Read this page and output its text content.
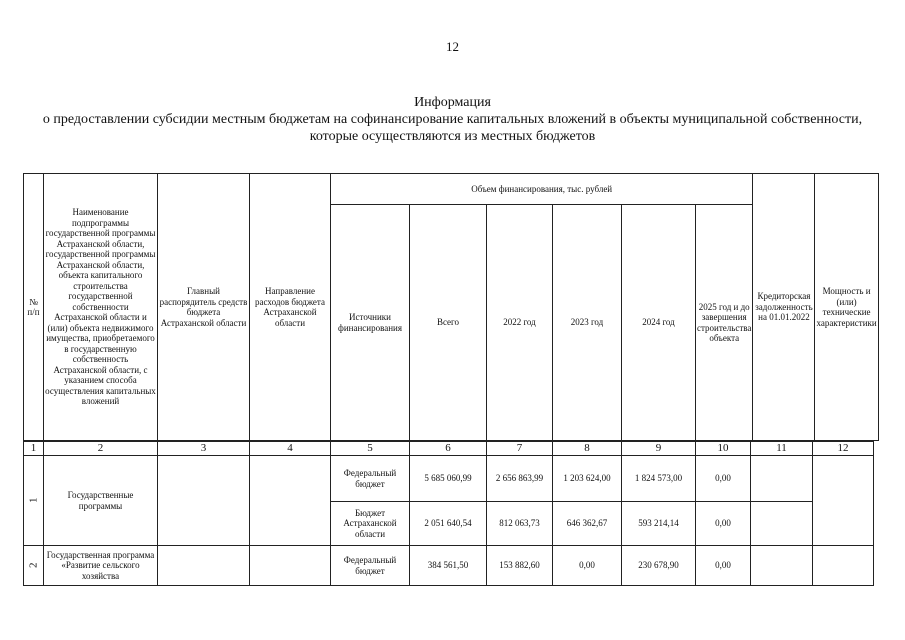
12
Информация
о предоставлении субсидии местным бюджетам на софинансирование капитальных вложений в объекты муниципальной собственности,
которые осуществляются из местных бюджетов
№ п/п	Наименование подпрограммы государственной программы Астраханской области, государственной программы Астраханской области, объекта капитального строительства государственной собственности Астраханской области и (или) объекта недвижимого имущества, приобретаемого в государственную собственность Астраханской области, с указанием способа осуществления капитальных вложений	Главный распорядитель средств бюджета Астраханской области	Направление расходов бюджета Астраханской области	Объем финансирования, тыс. рублей						Кредиторская задолженность на 01.01.2022	Мощность и (или) технические характеристики
				Источники финансирования	Всего	2022 год	2023 год	2024 год	2025 год и до завершения строительства объекта		
1	2	3	4	5	6	7	8	9	10	11	12
1	Государственные программы			Федеральный бюджет	5 685 060,99	2 656 863,99	1 203 624,00	1 824 573,00	0,00		
				Бюджет Астраханской области	2 051 640,54	812 063,73	646 362,67	593 214,14	0,00		
2	Государственная программа «Развитие сельского хозяйства			Федеральный бюджет	384 561,50	153 882,60	0,00	230 678,90	0,00		
